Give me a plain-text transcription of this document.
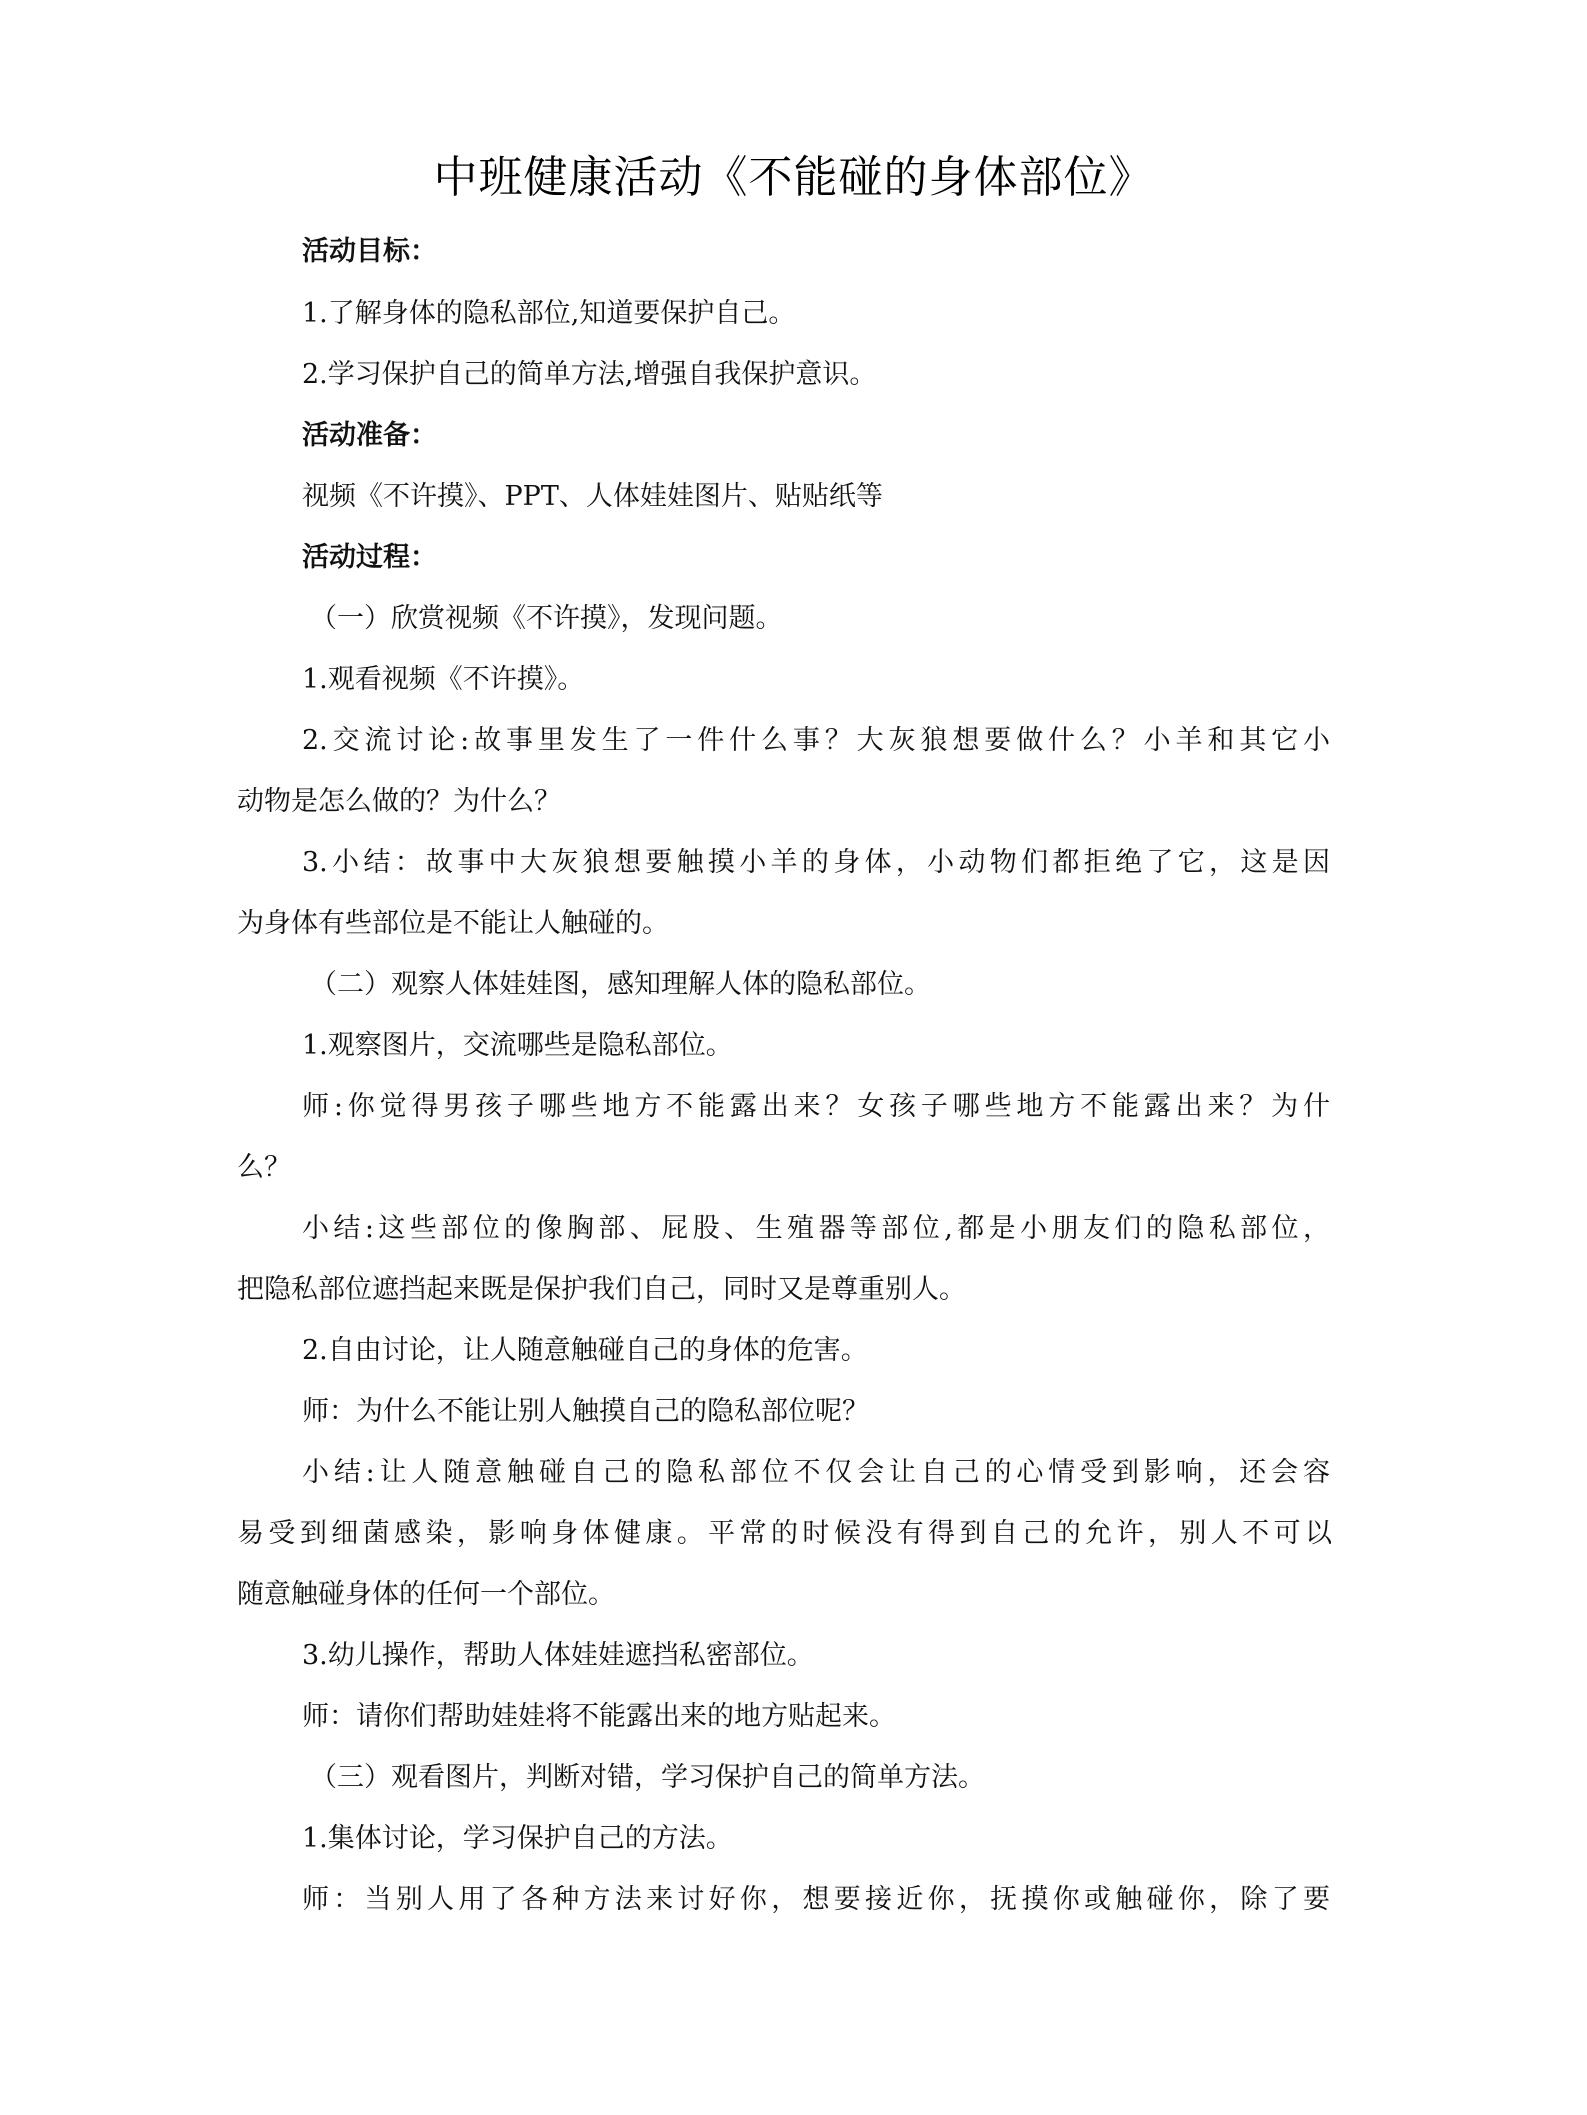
中班健康活动《不能碰的身体部位》
活动目标：
1.了解身体的隐私部位,知道要保护自己。
2.学习保护自己的简单方法,增强自我保护意识。
活动准备：
视频《不许摸》、PPT、人体娃娃图片、贴贴纸等
活动过程：
（一）欣赏视频《不许摸》，发现问题。
1.观看视频《不许摸》。
2.交流讨论:故事里发生了一件什么事？大灰狼想要做什么？小羊和其它小
动物是怎么做的？为什么？
3.小结：故事中大灰狼想要触摸小羊的身体，小动物们都拒绝了它，这是因
为身体有些部位是不能让人触碰的。
（二）观察人体娃娃图，感知理解人体的隐私部位。
1.观察图片，交流哪些是隐私部位。
师:你觉得男孩子哪些地方不能露出来？女孩子哪些地方不能露出来？为什
么？
小结:这些部位的像胸部、屁股、生殖器等部位,都是小朋友们的隐私部位，
把隐私部位遮挡起来既是保护我们自己，同时又是尊重别人。
2.自由讨论，让人随意触碰自己的身体的危害。
师：为什么不能让别人触摸自己的隐私部位呢？
小结:让人随意触碰自己的隐私部位不仅会让自己的心情受到影响，还会容
易受到细菌感染，影响身体健康。平常的时候没有得到自己的允许，别人不可以
随意触碰身体的任何一个部位。
3.幼儿操作，帮助人体娃娃遮挡私密部位。
师：请你们帮助娃娃将不能露出来的地方贴起来。
（三）观看图片，判断对错，学习保护自己的简单方法。
1.集体讨论，学习保护自己的方法。
师：当别人用了各种方法来讨好你，想要接近你，抚摸你或触碰你，除了要
